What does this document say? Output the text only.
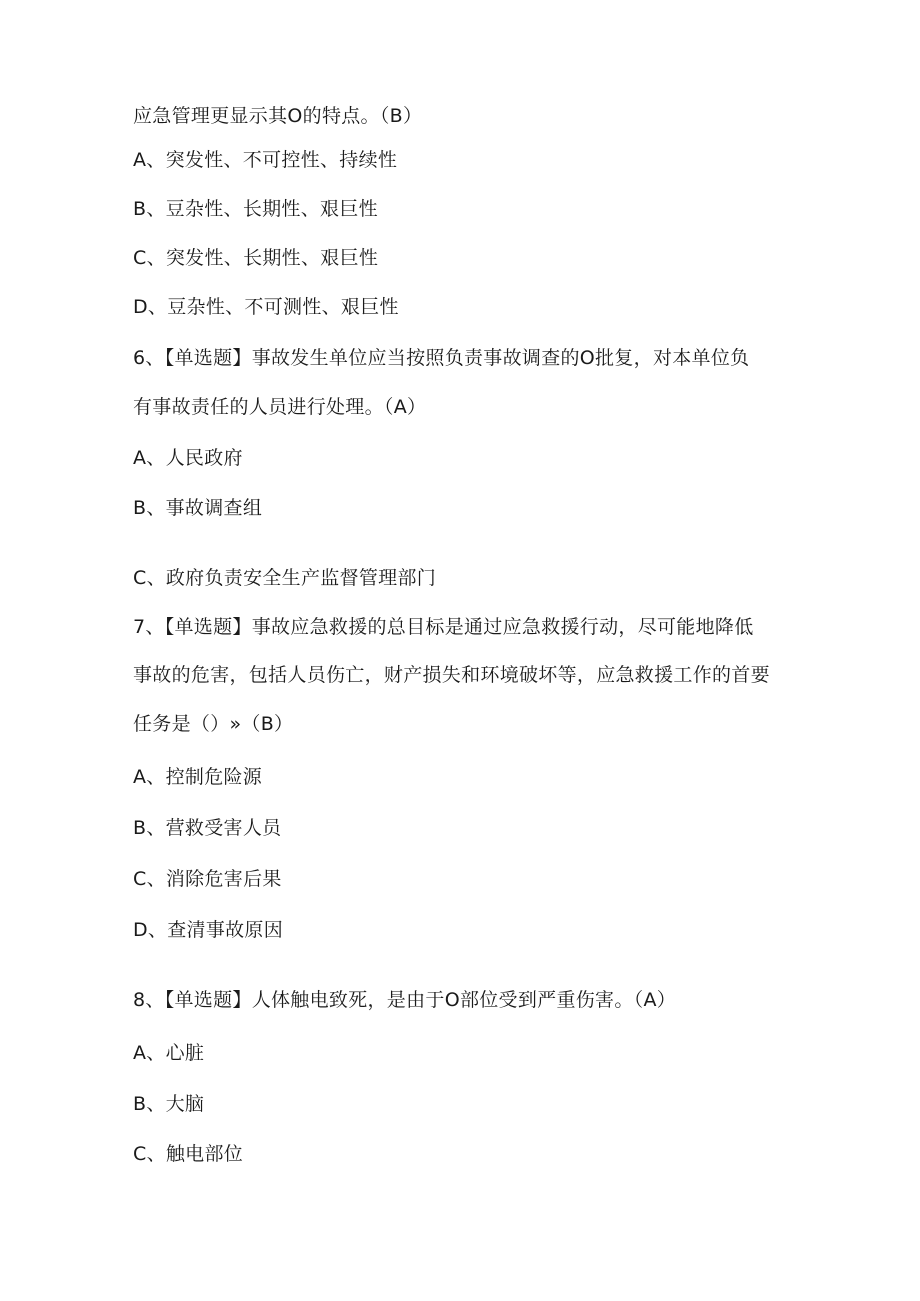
应急管理更显示其O的特点。（B）
A、突发性、不可控性、持续性
B、豆杂性、长期性、艰巨性
C、突发性、长期性、艰巨性
D、豆杂性、不可测性、艰巨性
6、【单选题】事故发生单位应当按照负责事故调查的O批复，对本单位负
有事故责任的人员进行处理。（A）
A、人民政府
B、事故调查组
C、政府负责安全生产监督管理部门
7、【单选题】事故应急救援的总目标是通过应急救援行动，尽可能地降低
事故的危害，包括人员伤亡，财产损失和环境破坏等，应急救援工作的首要
任务是（）»（B）
A、控制危险源
B、营救受害人员
C、消除危害后果
D、查清事故原因
8、【单选题】人体触电致死，是由于O部位受到严重伤害。（A）
A、心脏
B、大脑
C、触电部位
